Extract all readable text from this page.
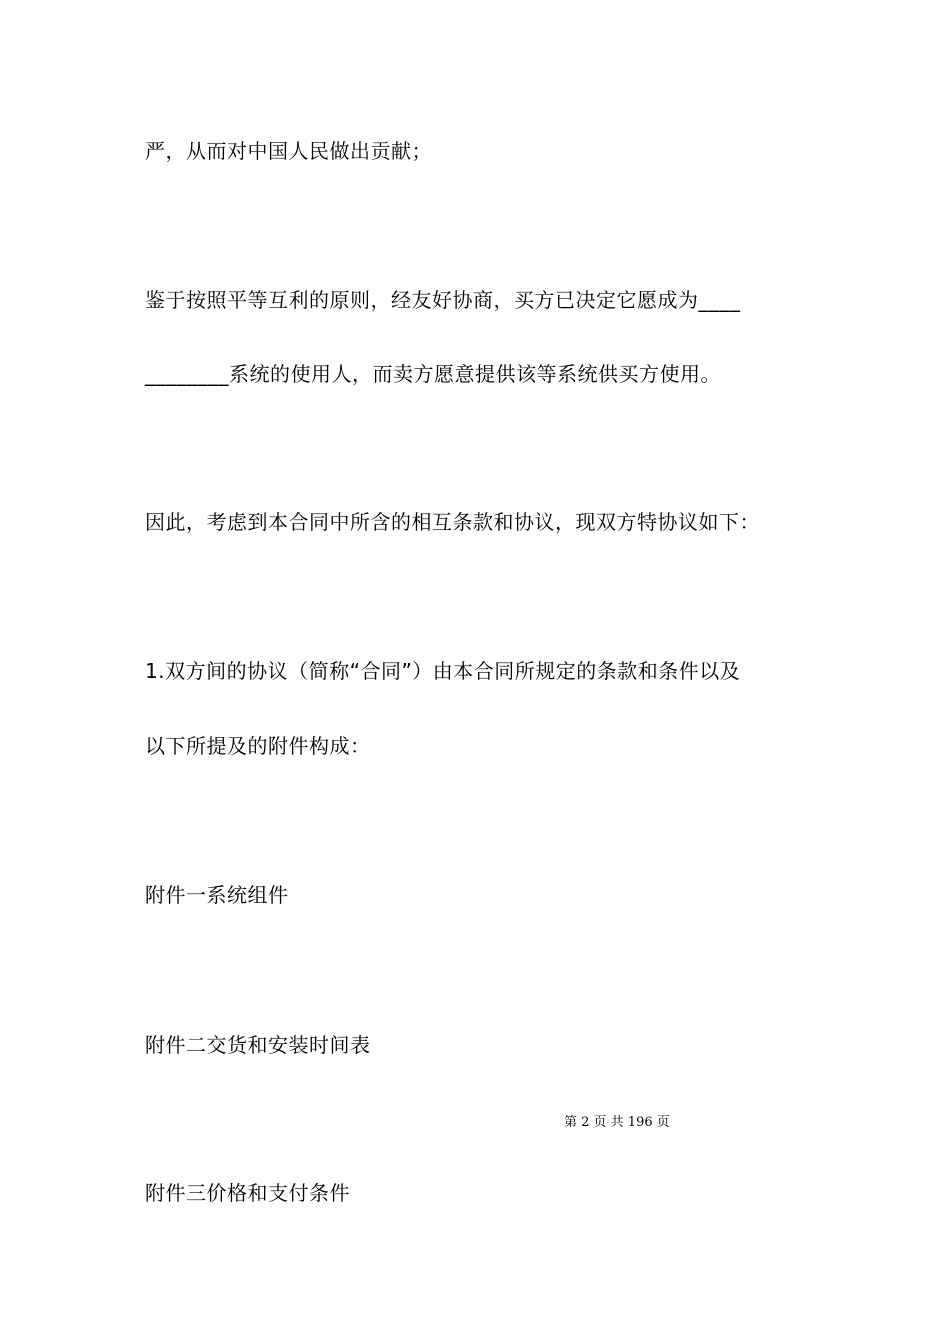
严，从而对中国人民做出贡献；
鉴于按照平等互利的原则，经友好协商，买方已决定它愿成为____
________系统的使用人，而卖方愿意提供该等系统供买方使用。
因此，考虑到本合同中所含的相互条款和协议，现双方特协议如下：
1.双方间的协议（简称“合同”）由本合同所规定的条款和条件以及
以下所提及的附件构成：
附件一系统组件
附件二交货和安装时间表
第 2 页 共 196 页
附件三价格和支付条件
